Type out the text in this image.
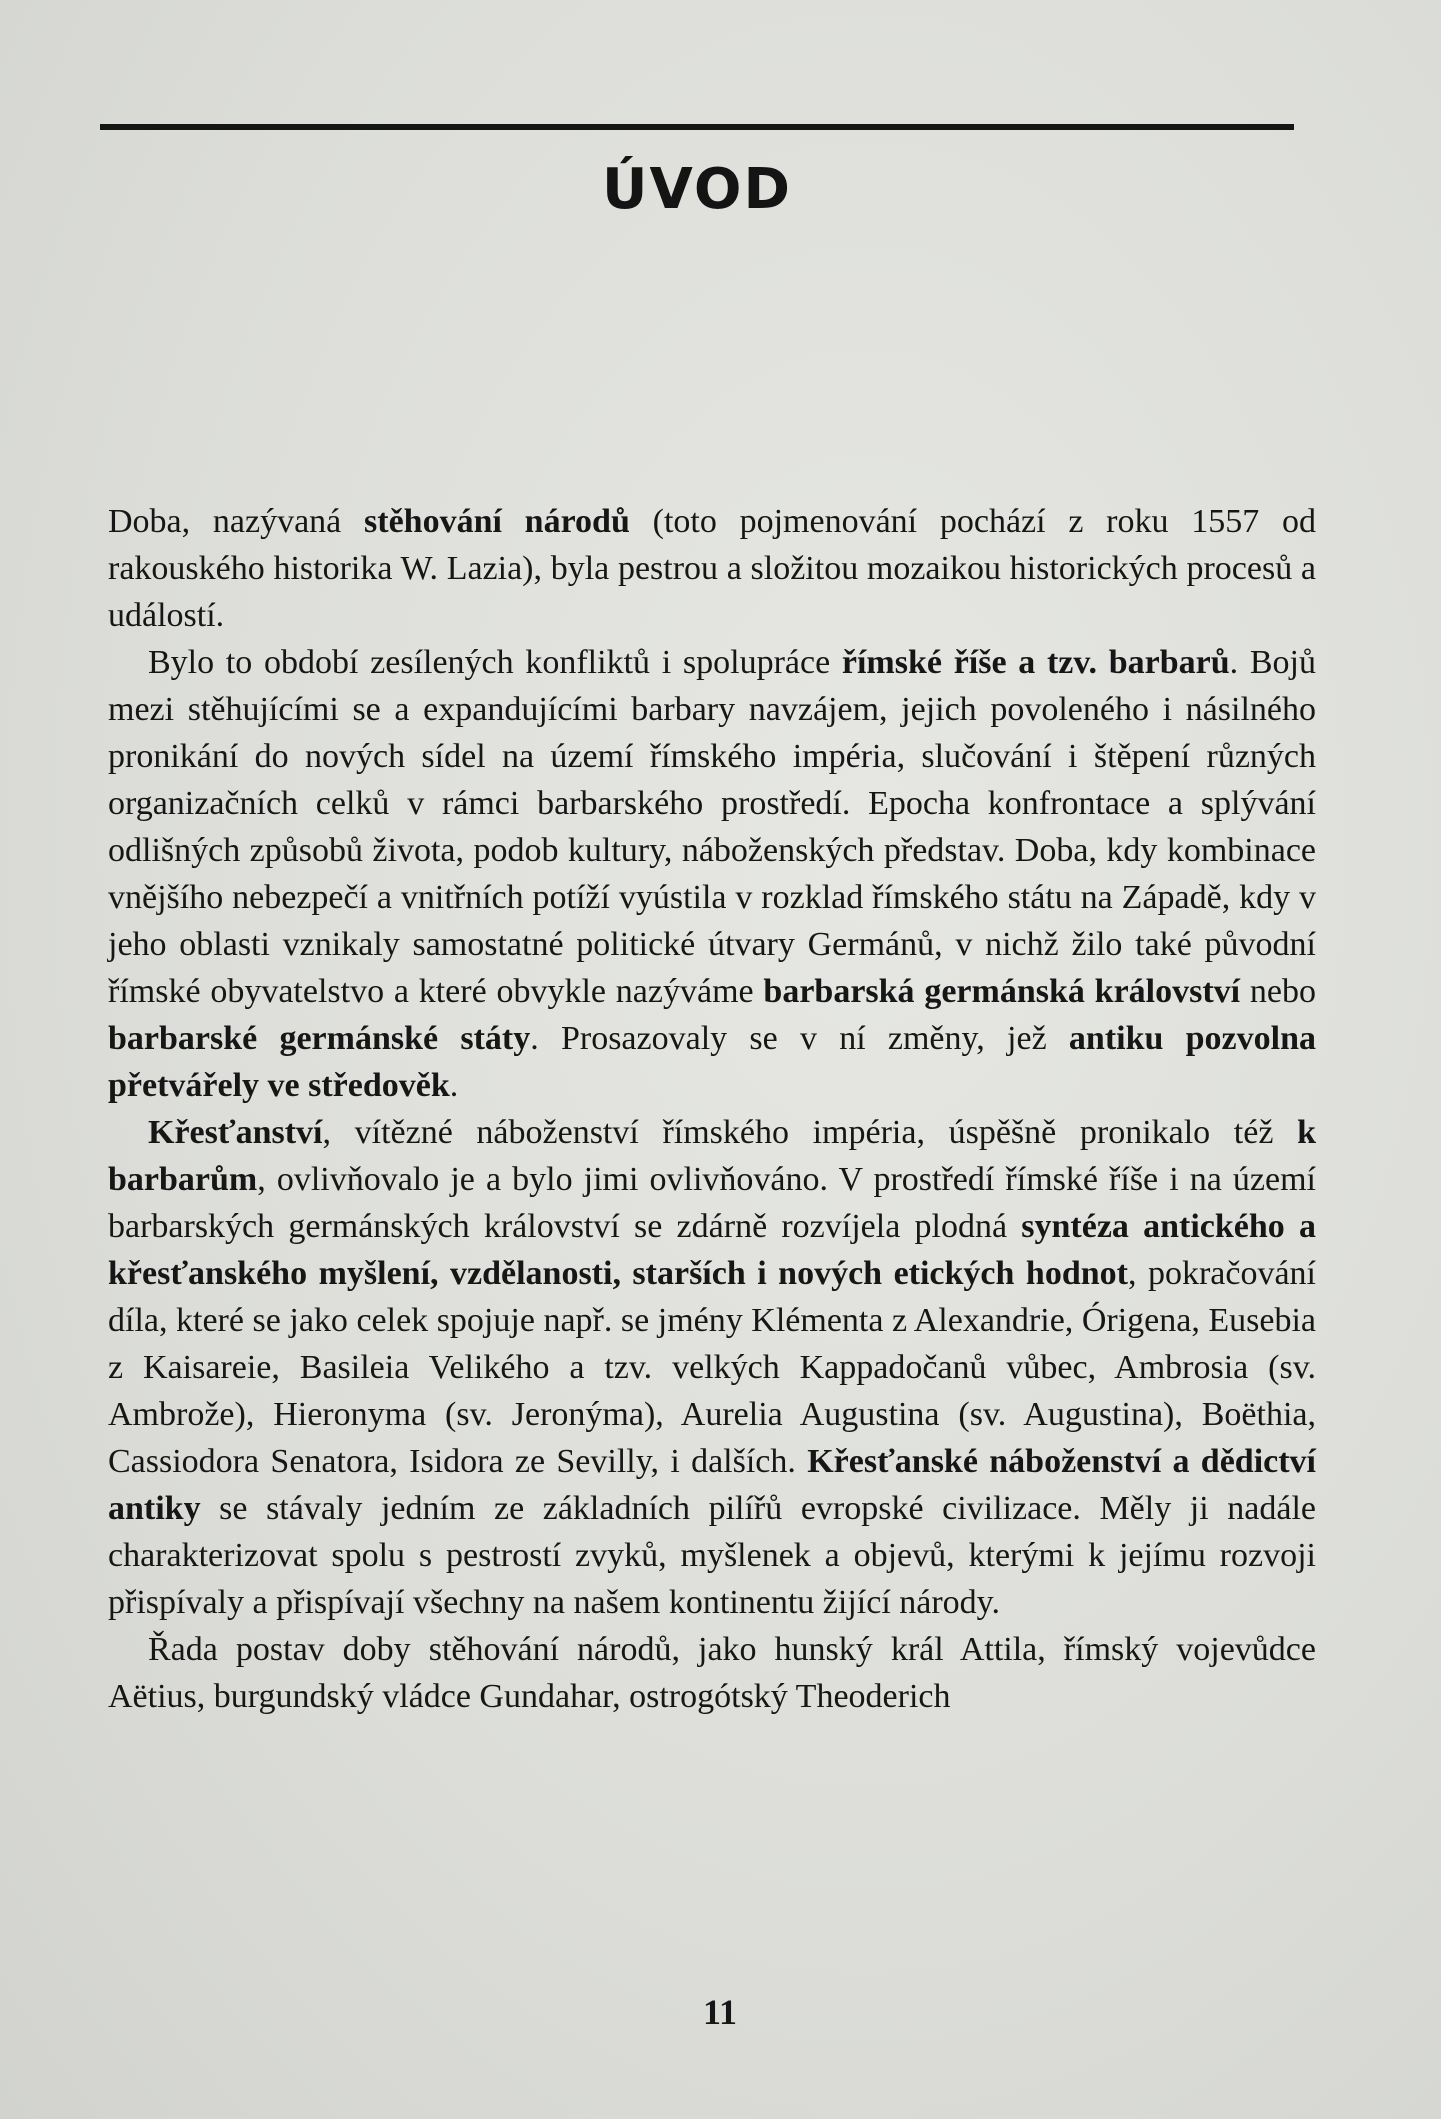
ÚVOD

Doba, nazývaná stěhování národů (toto pojmenování pochází z roku 1557 od rakouského historika W. Lazia), byla pestrou a složitou mozaikou historických procesů a událostí.

Bylo to období zesílených konfliktů i spolupráce římské říše a tzv. barbarů. Bojů mezi stěhujícími se a expandujícími barbary navzájem, jejich povoleného i násilného pronikání do nových sídel na území římského impéria, slučování i štěpení různých organizačních celků v rámci barbarského prostředí. Epocha konfrontace a splývání odlišných způsobů života, podob kultury, náboženských představ. Doba, kdy kombinace vnějšího nebezpečí a vnitřních potíží vyústila v rozklad římského státu na Západě, kdy v jeho oblasti vznikaly samostatné politické útvary Germánů, v nichž žilo také původní římské obyvatelstvo a které obvykle nazýváme barbarská germánská království nebo barbarské germánské státy. Prosazovaly se v ní změny, jež antiku pozvolna přetvářely ve středověk.

Křesťanství, vítězné náboženství římského impéria, úspěšně pronikalo též k barbarům, ovlivňovalo je a bylo jimi ovlivňováno. V prostředí římské říše i na území barbarských germánských království se zdárně rozvíjela plodná syntéza antického a křesťanského myšlení, vzdělanosti, starších i nových etických hodnot, pokračování díla, které se jako celek spojuje např. se jmény Klémenta z Alexandrie, Órigena, Eusebia z Kaisareie, Basileia Velikého a tzv. velkých Kappadočanů vůbec, Ambrosia (sv. Ambrože), Hieronyma (sv. Jeronýma), Aurelia Augustina (sv. Augustina), Boëthia, Cassiodora Senatora, Isidora ze Sevilly, i dalších. Křesťanské náboženství a dědictví antiky se stávaly jedním ze základních pilířů evropské civilizace. Měly ji nadále charakterizovat spolu s pestrostí zvyků, myšlenek a objevů, kterými k jejímu rozvoji přispívaly a přispívají všechny na našem kontinentu žijící národy.

Řada postav doby stěhování národů, jako hunský král Attila, římský vojevůdce Aëtius, burgundský vládce Gundahar, ostrogótský Theoderich

11
